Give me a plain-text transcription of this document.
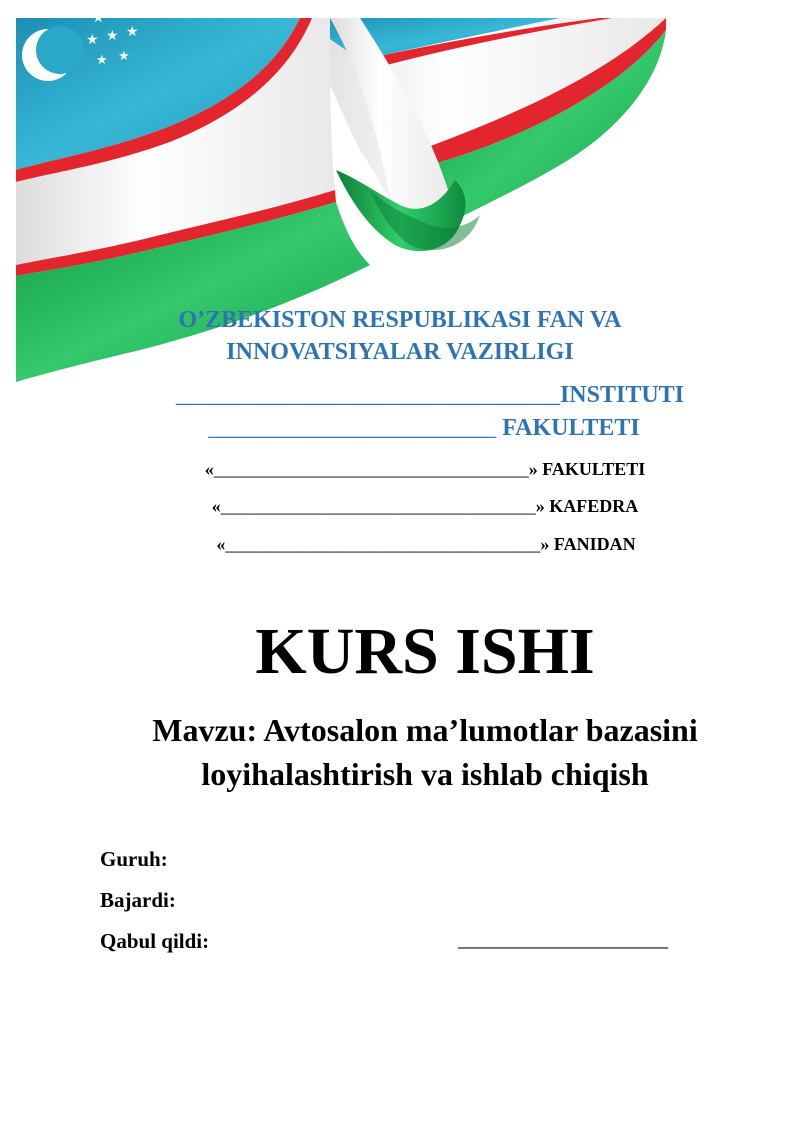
★ ★ ★
★ ★
★ ★
O’ZBEKISTON RESPUBLIKASI FAN VA
INNOVATSIYALAR VAZIRLIGI
________________________________INSTITUTI
________________________ FAKULTETI
«___________________________________» FAKULTETI
«___________________________________» KAFEDRA
«___________________________________» FANIDAN
KURS ISHI
Mavzu: Avtosalon ma’lumotlar bazasini
loyihalashtirish va ishlab chiqish
Guruh:
Bajardi:
Qabul qildi:	____________________
